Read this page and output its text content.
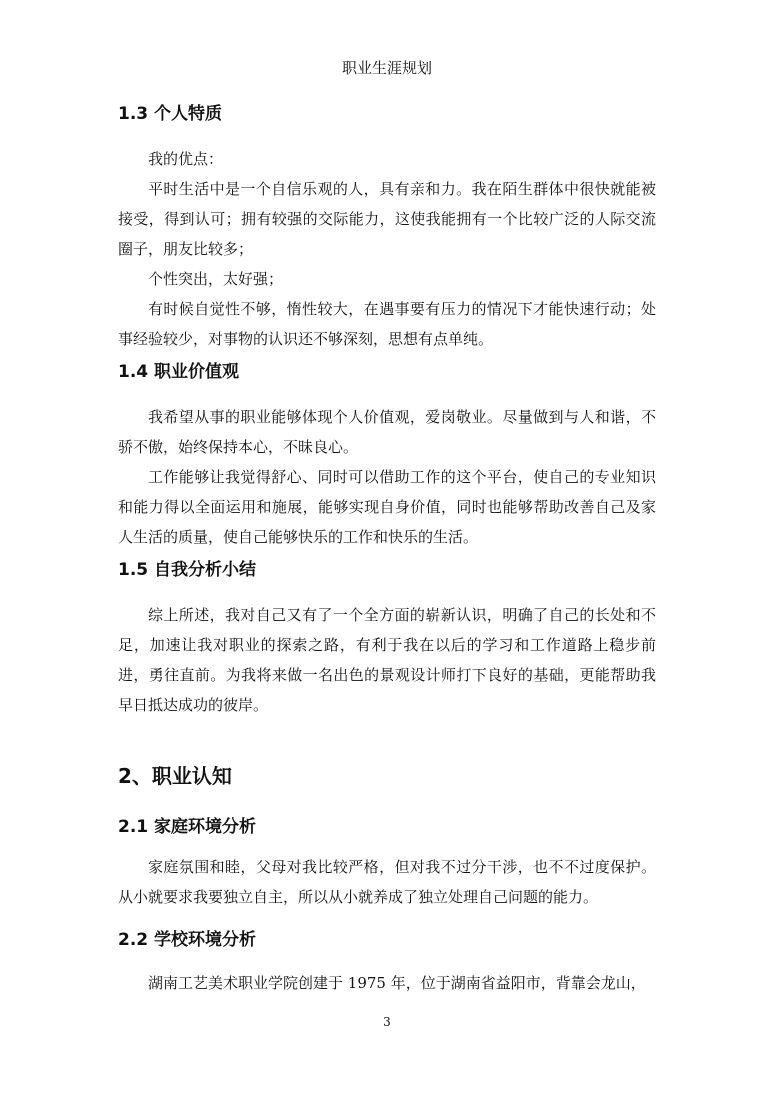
职业生涯规划
1.3 个人特质

我的优点：

平时生活中是一个自信乐观的人，具有亲和力。我在陌生群体中很快就能被接受，得到认可；拥有较强的交际能力，这使我能拥有一个比较广泛的人际交流圈子，朋友比较多；

个性突出，太好强；

有时候自觉性不够，惰性较大，在遇事要有压力的情况下才能快速行动；处事经验较少，对事物的认识还不够深刻，思想有点单纯。

1.4 职业价值观

我希望从事的职业能够体现个人价值观，爱岗敬业。尽量做到与人和谐，不骄不傲，始终保持本心，不昧良心。

工作能够让我觉得舒心、同时可以借助工作的这个平台，使自己的专业知识和能力得以全面运用和施展，能够实现自身价值，同时也能够帮助改善自己及家人生活的质量，使自己能够快乐的工作和快乐的生活。

1.5 自我分析小结

综上所述，我对自己又有了一个全方面的崭新认识，明确了自己的长处和不足，加速让我对职业的探索之路，有利于我在以后的学习和工作道路上稳步前进，勇往直前。为我将来做一名出色的景观设计师打下良好的基础，更能帮助我早日抵达成功的彼岸。

2、职业认知
2.1 家庭环境分析

家庭氛围和睦，父母对我比较严格，但对我不过分干涉，也不不过度保护。从小就要求我要独立自主，所以从小就养成了独立处理自己问题的能力。

2.2 学校环境分析

湖南工艺美术职业学院创建于 1975 年，位于湖南省益阳市，背靠会龙山，

3
